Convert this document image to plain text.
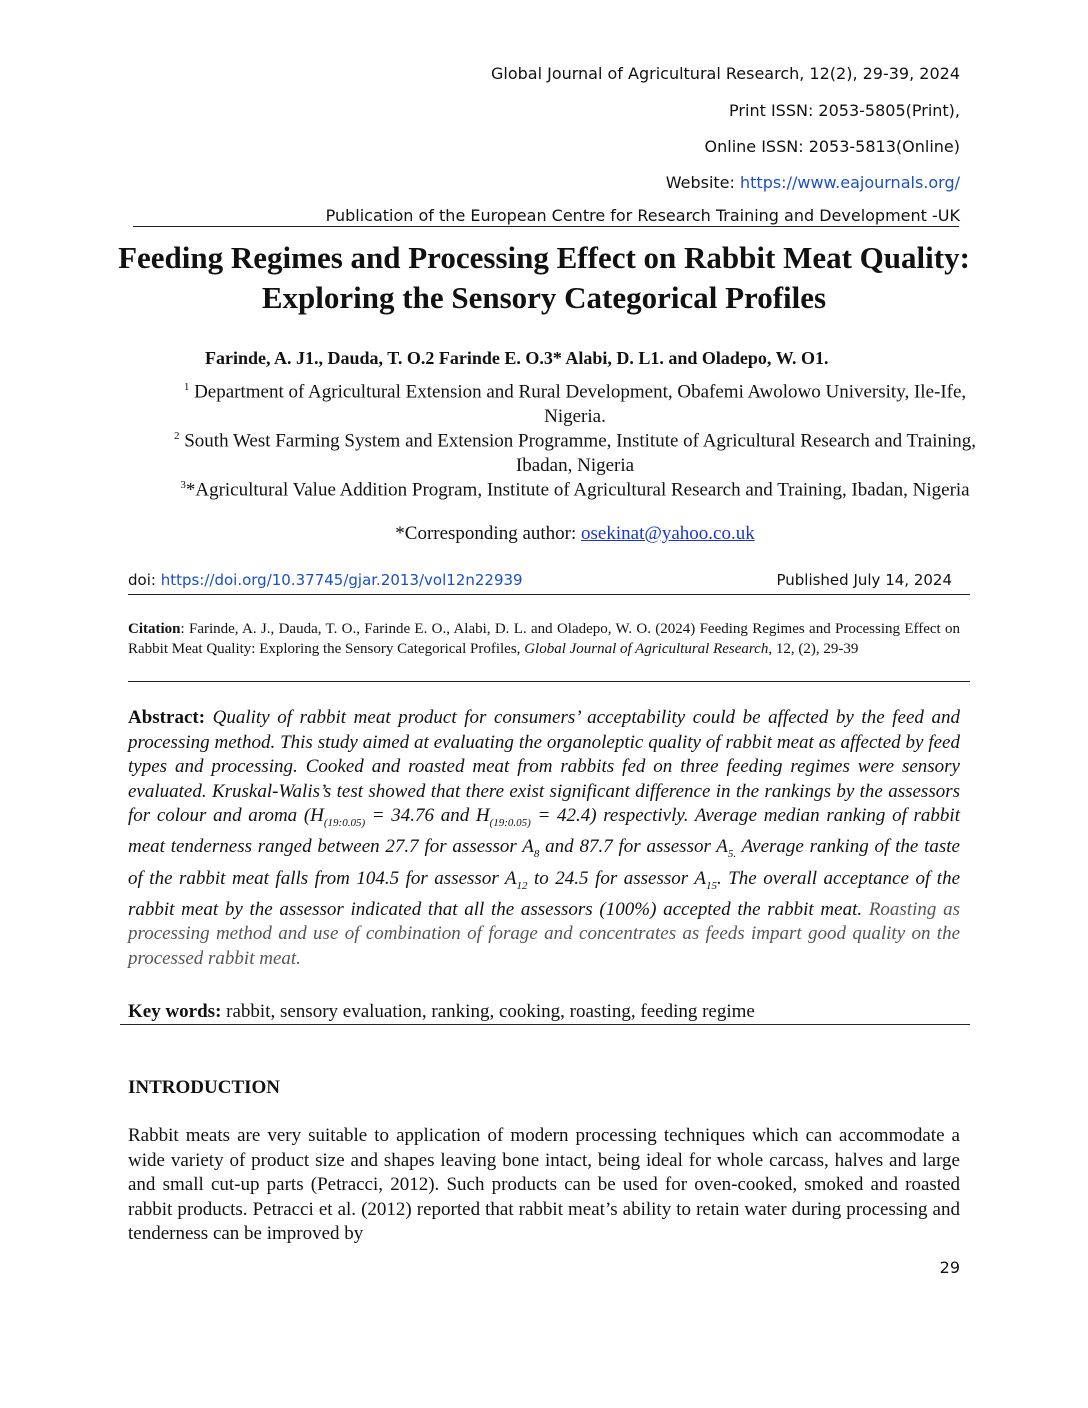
Global Journal of Agricultural Research, 12(2), 29-39, 2024
Print ISSN: 2053-5805(Print),
Online ISSN: 2053-5813(Online)
Website: https://www.eajournals.org/
Publication of the European Centre for Research Training and Development -UK
Feeding Regimes and Processing Effect on Rabbit Meat Quality: Exploring the Sensory Categorical Profiles
Farinde, A. J1., Dauda, T. O.2 Farinde E. O.3* Alabi, D. L1. and Oladepo, W. O1.
$^1$ Department of Agricultural Extension and Rural Development, Obafemi Awolowo University, Ile-Ife, Nigeria.
$^2$ South West Farming System and Extension Programme, Institute of Agricultural Research and Training, Ibadan, Nigeria
$^3$*Agricultural Value Addition Program, Institute of Agricultural Research and Training, Ibadan, Nigeria
*Corresponding author: osekinat@yahoo.co.uk
doi: https://doi.org/10.37745/gjar.2013/vol12n22939	Published July 14, 2024
Citation: Farinde, A. J., Dauda, T. O., Farinde E. O., Alabi, D. L. and Oladepo, W. O. (2024) Feeding Regimes and Processing Effect on Rabbit Meat Quality: Exploring the Sensory Categorical Profiles, Global Journal of Agricultural Research, 12, (2), 29-39
Abstract: Quality of rabbit meat product for consumers’ acceptability could be affected by the feed and processing method. This study aimed at evaluating the organoleptic quality of rabbit meat as affected by feed types and processing. Cooked and roasted meat from rabbits fed on three feeding regimes were sensory evaluated. Kruskal-Walis’s test showed that there exist significant difference in the rankings by the assessors for colour and aroma ($H_{(19:0.05)} = 34.76$ and $H_{(19:0.05)} = 42.4$) respectivly. Average median ranking of rabbit meat tenderness ranged between 27.7 for assessor $A_8$ and 87.7 for assessor $A_{5.}$ Average ranking of the taste of the rabbit meat falls from 104.5 for assessor $A_{12}$ to 24.5 for assessor $A_{15}$. The overall acceptance of the rabbit meat by the assessor indicated that all the assessors (100%) accepted the rabbit meat. Roasting as processing method and use of combination of forage and concentrates as feeds impart good quality on the processed rabbit meat.
Key words: rabbit, sensory evaluation, ranking, cooking, roasting, feeding regime
INTRODUCTION
Rabbit meats are very suitable to application of modern processing techniques which can accommodate a wide variety of product size and shapes leaving bone intact, being ideal for whole carcass, halves and large and small cut-up parts (Petracci, 2012). Such products can be used for oven-cooked, smoked and roasted rabbit products. Petracci et al. (2012) reported that rabbit meat’s ability to retain water during processing and tenderness can be improved by
29
